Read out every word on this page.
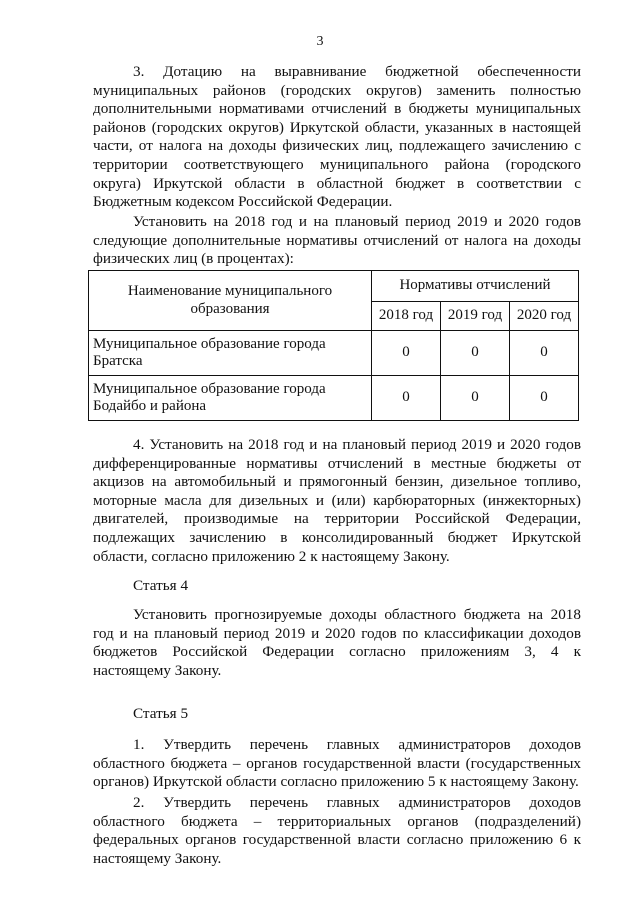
3

3. Дотацию на выравнивание бюджетной обеспеченности муниципальных районов (городских округов) заменить полностью дополнительными нормативами отчислений в бюджеты муниципальных районов (городских округов) Иркутской области, указанных в настоящей части, от налога на доходы физических лиц, подлежащего зачислению с территории соответствующего муниципального района (городского округа) Иркутской области в областной бюджет в соответствии с Бюджетным кодексом Российской Федерации.

Установить на 2018 год и на плановый период 2019 и 2020 годов следующие дополнительные нормативы отчислений от налога на доходы физических лиц (в процентах):

Наименование муниципального образования	Нормативы отчислений		
	2018 год	2019 год	2020 год
Муниципальное образование города Братска	0	0	0
Муниципальное образование города Бодайбо и района	0	0	0

4. Установить на 2018 год и на плановый период 2019 и 2020 годов дифференцированные нормативы отчислений в местные бюджеты от акцизов на автомобильный и прямогонный бензин, дизельное топливо, моторные масла для дизельных и (или) карбюраторных (инжекторных) двигателей, производимые на территории Российской Федерации, подлежащих зачислению в консолидированный бюджет Иркутской области, согласно приложению 2 к настоящему Закону.

Статья 4

Установить прогнозируемые доходы областного бюджета на 2018 год и на плановый период 2019 и 2020 годов по классификации доходов бюджетов Российской Федерации согласно приложениям 3, 4 к настоящему Закону.

Статья 5

1. Утвердить перечень главных администраторов доходов областного бюджета – органов государственной власти (государственных органов) Иркутской области согласно приложению 5 к настоящему Закону.

2. Утвердить перечень главных администраторов доходов областного бюджета – территориальных органов (подразделений) федеральных органов государственной власти согласно приложению 6 к настоящему Закону.
